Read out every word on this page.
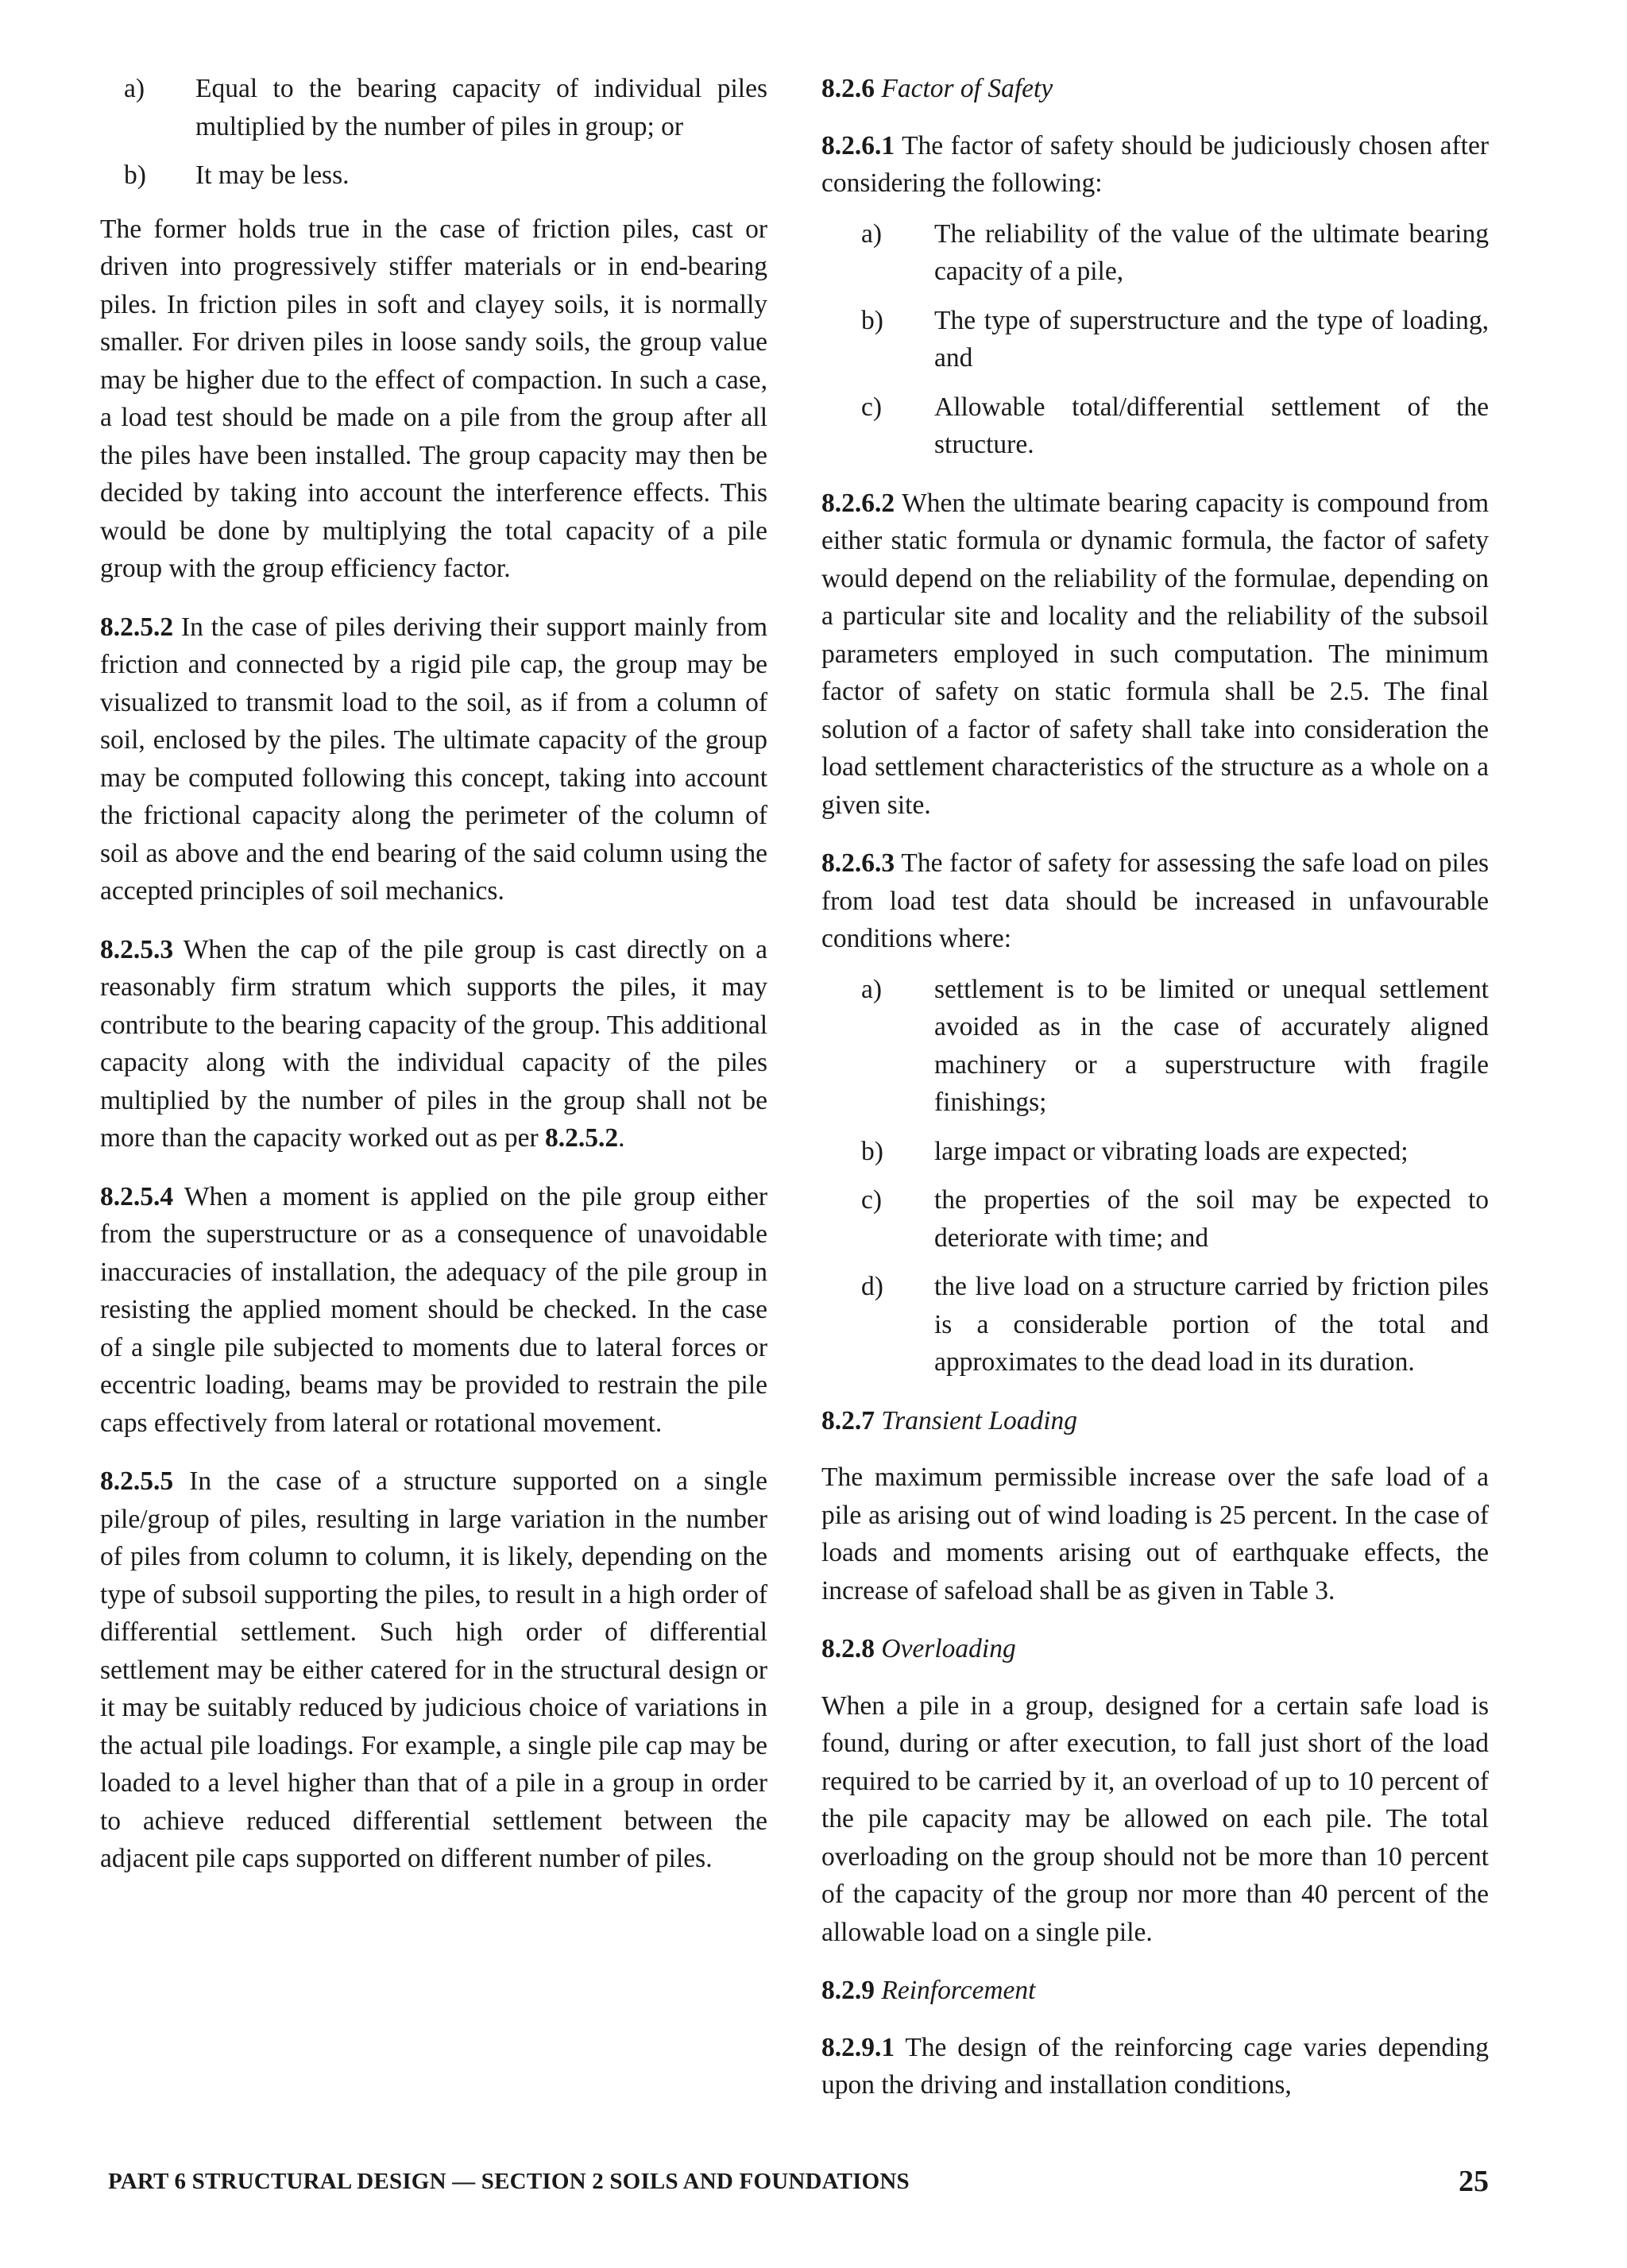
a)	Equal to the bearing capacity of individual piles multiplied by the number of piles in group; or
b)	It may be less.

The former holds true in the case of friction piles, cast or driven into progressively stiffer materials or in end-bearing piles. In friction piles in soft and clayey soils, it is normally smaller. For driven piles in loose sandy soils, the group value may be higher due to the effect of compaction. In such a case, a load test should be made on a pile from the group after all the piles have been installed. The group capacity may then be decided by taking into account the interference effects. This would be done by multiplying the total capacity of a pile group with the group efficiency factor.

8.2.5.2 In the case of piles deriving their support mainly from friction and connected by a rigid pile cap, the group may be visualized to transmit load to the soil, as if from a column of soil, enclosed by the piles. The ultimate capacity of the group may be computed following this concept, taking into account the frictional capacity along the perimeter of the column of soil as above and the end bearing of the said column using the accepted principles of soil mechanics.

8.2.5.3 When the cap of the pile group is cast directly on a reasonably firm stratum which supports the piles, it may contribute to the bearing capacity of the group. This additional capacity along with the individual capacity of the piles multiplied by the number of piles in the group shall not be more than the capacity worked out as per 8.2.5.2.

8.2.5.4 When a moment is applied on the pile group either from the superstructure or as a consequence of unavoidable inaccuracies of installation, the adequacy of the pile group in resisting the applied moment should be checked. In the case of a single pile subjected to moments due to lateral forces or eccentric loading, beams may be provided to restrain the pile caps effectively from lateral or rotational movement.

8.2.5.5 In the case of a structure supported on a single pile/group of piles, resulting in large variation in the number of piles from column to column, it is likely, depending on the type of subsoil supporting the piles, to result in a high order of differential settlement. Such high order of differential settlement may be either catered for in the structural design or it may be suitably reduced by judicious choice of variations in the actual pile loadings. For example, a single pile cap may be loaded to a level higher than that of a pile in a group in order to achieve reduced differential settlement between the adjacent pile caps supported on different number of piles.

8.2.6 Factor of Safety

8.2.6.1 The factor of safety should be judiciously chosen after considering the following:

a)	The reliability of the value of the ultimate bearing capacity of a pile,
b)	The type of superstructure and the type of loading, and
c)	Allowable total/differential settlement of the structure.

8.2.6.2 When the ultimate bearing capacity is compound from either static formula or dynamic formula, the factor of safety would depend on the reliability of the formulae, depending on a particular site and locality and the reliability of the subsoil parameters employed in such computation. The minimum factor of safety on static formula shall be 2.5. The final solution of a factor of safety shall take into consideration the load settlement characteristics of the structure as a whole on a given site.

8.2.6.3 The factor of safety for assessing the safe load on piles from load test data should be increased in unfavourable conditions where:

a)	settlement is to be limited or unequal settlement avoided as in the case of accurately aligned machinery or a superstructure with fragile finishings;
b)	large impact or vibrating loads are expected;
c)	the properties of the soil may be expected to deteriorate with time; and
d)	the live load on a structure carried by friction piles is a considerable portion of the total and approximates to the dead load in its duration.

8.2.7 Transient Loading

The maximum permissible increase over the safe load of a pile as arising out of wind loading is 25 percent. In the case of loads and moments arising out of earthquake effects, the increase of safeload shall be as given in Table 3.

8.2.8 Overloading

When a pile in a group, designed for a certain safe load is found, during or after execution, to fall just short of the load required to be carried by it, an overload of up to 10 percent of the pile capacity may be allowed on each pile. The total overloading on the group should not be more than 10 percent of the capacity of the group nor more than 40 percent of the allowable load on a single pile.

8.2.9 Reinforcement

8.2.9.1 The design of the reinforcing cage varies depending upon the driving and installation conditions,

PART 6 STRUCTURAL DESIGN — SECTION 2 SOILS AND FOUNDATIONS	25
